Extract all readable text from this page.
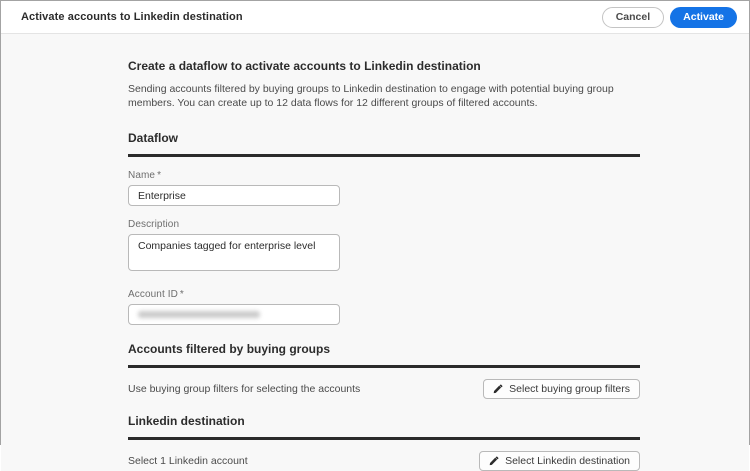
Activate accounts to Linkedin destination	Cancel	Activate
Create a dataflow to activate accounts to Linkedin destination

Sending accounts filtered by buying groups to Linkedin destination to engage with potential buying group members. You can create up to 12 data flows for 12 different groups of filtered accounts.

Dataflow
Name *
Enterprise
Description
Companies tagged for enterprise level
Account ID *
Accounts filtered by buying groups
Use buying group filters for selecting the accounts	Select buying group filters
Linkedin destination
Select 1 Linkedin account	Select Linkedin destination
